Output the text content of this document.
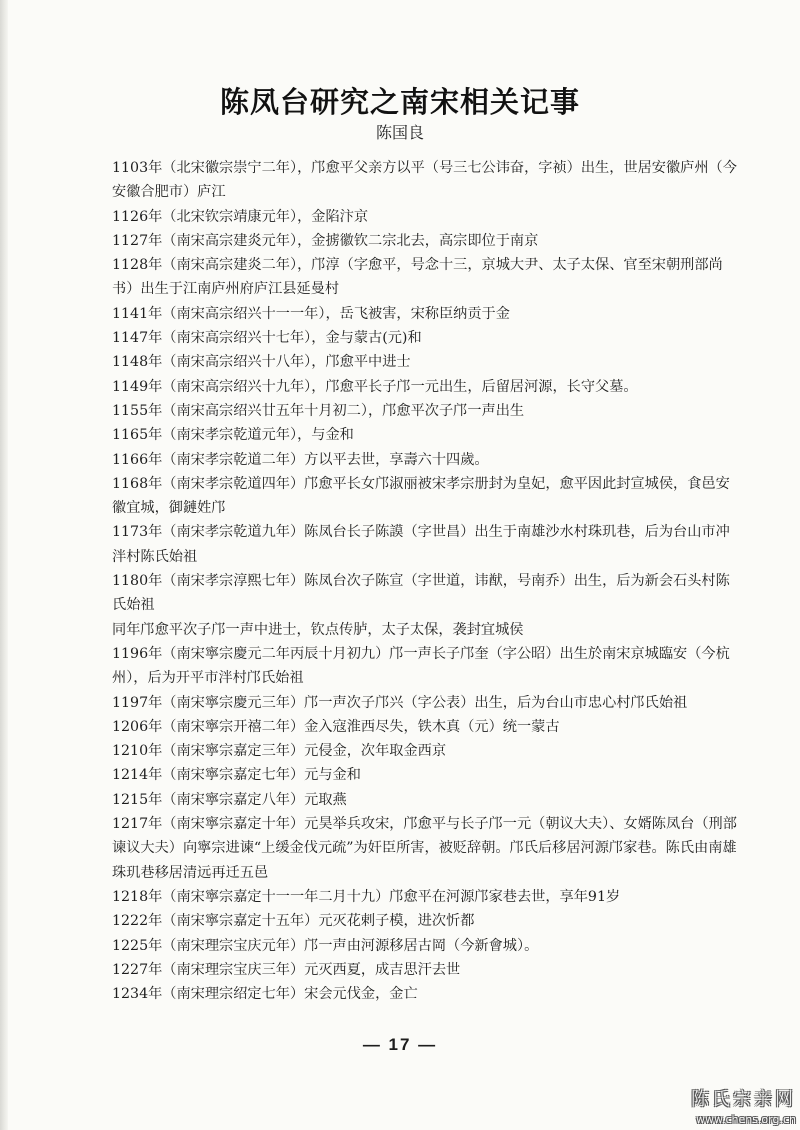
陈凤台研究之南宋相关记事
陈国良
1103年（北宋徽宗崇宁二年），邝愈平父亲方以平（号三七公讳奋，字祯）出生，世居安徽庐州（今安徽合肥市）庐江
1126年（北宋钦宗靖康元年），金陷汴京
1127年（南宋高宗建炎元年），金掳徽钦二宗北去，高宗即位于南京
1128年（南宋高宗建炎二年），邝淳（字愈平，号念十三，京城大尹、太子太保、官至宋朝刑部尚书）出生于江南庐州府庐江县延曼村
1141年（南宋高宗绍兴十一一年），岳飞被害，宋称臣纳贡于金
1147年（南宋高宗绍兴十七年），金与蒙古(元)和
1148年（南宋高宗绍兴十八年），邝愈平中进士
1149年（南宋高宗绍兴十九年），邝愈平长子邝一元出生，后留居河源，长守父墓。
1155年（南宋高宗绍兴廿五年十月初二），邝愈平次子邝一声出生
1165年（南宋孝宗乾道元年），与金和
1166年（南宋孝宗乾道二年）方以平去世，享壽六十四歲。
1168年（南宋孝宗乾道四年）邝愈平长女邝淑丽被宋孝宗册封为皇妃，愈平因此封宣城侯，食邑安徽宜城，御鏈姓邝
1173年（南宋孝宗乾道九年）陈凤台长子陈謨（字世昌）出生于南雄沙水村珠玑巷，后为台山市冲泮村陈氏始祖
1180年（南宋孝宗淳熙七年）陈凤台次子陈宣（字世道，讳猷，号南乔）出生，后为新会石头村陈氏始祖
同年邝愈平次子邝一声中进士，钦点传胪，太子太保，袭封宜城侯
1196年（南宋寧宗慶元二年丙辰十月初九）邝一声长子邝奎（字公昭）出生於南宋京城臨安（今杭州），后为开平市泮村邝氏始祖
1197年（南宋寧宗慶元三年）邝一声次子邝兴（字公表）出生，后为台山市忠心村邝氏始祖
1206年（南宋寧宗开禧二年）金入寇淮西尽失，铁木真（元）统一蒙古
1210年（南宋寧宗嘉定三年）元侵金，次年取金西京
1214年（南宋寧宗嘉定七年）元与金和
1215年（南宋寧宗嘉定八年）元取燕
1217年（南宋寧宗嘉定十年）元昊举兵攻宋，邝愈平与长子邝一元（朝议大夫）、女婿陈凤台（刑部谏议大夫）向寧宗进谏“上缓金伐元疏”为奸臣所害，被贬辞朝。邝氏后移居河源邝家巷。陈氏由南雄珠玑巷移居清远再迁五邑
1218年（南宋寧宗嘉定十一一年二月十九）邝愈平在河源邝家巷去世，享年91岁
1222年（南宋寧宗嘉定十五年）元灭花剌子模，进次忻都
1225年（南宋理宗宝庆元年）邝一声由河源移居古岡（今新會城）。
1227年（南宋理宗宝庆三年）元灭西夏，成吉思汗去世
1234年（南宋理宗绍定七年）宋会元伐金，金亡
— 17 —
陈氏宗亲网
www.chens.org.cn
